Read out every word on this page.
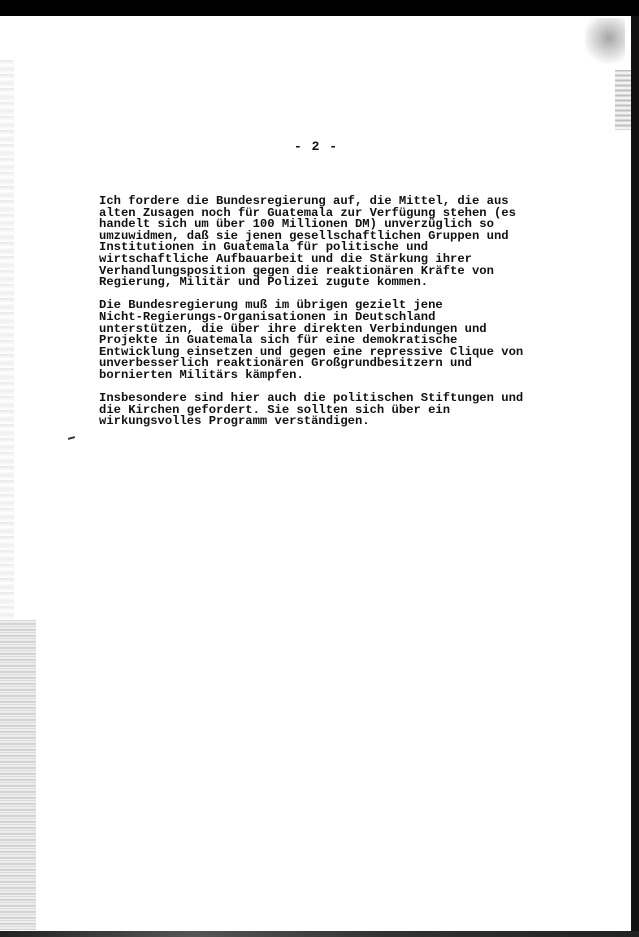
- 2 -
Ich fordere die Bundesregierung auf, die Mittel, die aus
alten Zusagen noch für Guatemala zur Verfügung stehen (es
handelt sich um über 100 Millionen DM) unverzüglich so
umzuwidmen, daß sie jenen gesellschaftlichen Gruppen und
Institutionen in Guatemala für politische und
wirtschaftliche Aufbauarbeit und die Stärkung ihrer
Verhandlungsposition gegen die reaktionären Kräfte von
Regierung, Militär und Polizei zugute kommen.
Die Bundesregierung muß im übrigen gezielt jene
Nicht-Regierungs-Organisationen in Deutschland
unterstützen, die über ihre direkten Verbindungen und
Projekte in Guatemala sich für eine demokratische
Entwicklung einsetzen und gegen eine repressive Clique von
unverbesserlich reaktionären Großgrundbesitzern und
bornierten Militärs kämpfen.
Insbesondere sind hier auch die politischen Stiftungen und
die Kirchen gefordert. Sie sollten sich über ein
wirkungsvolles Programm verständigen.
